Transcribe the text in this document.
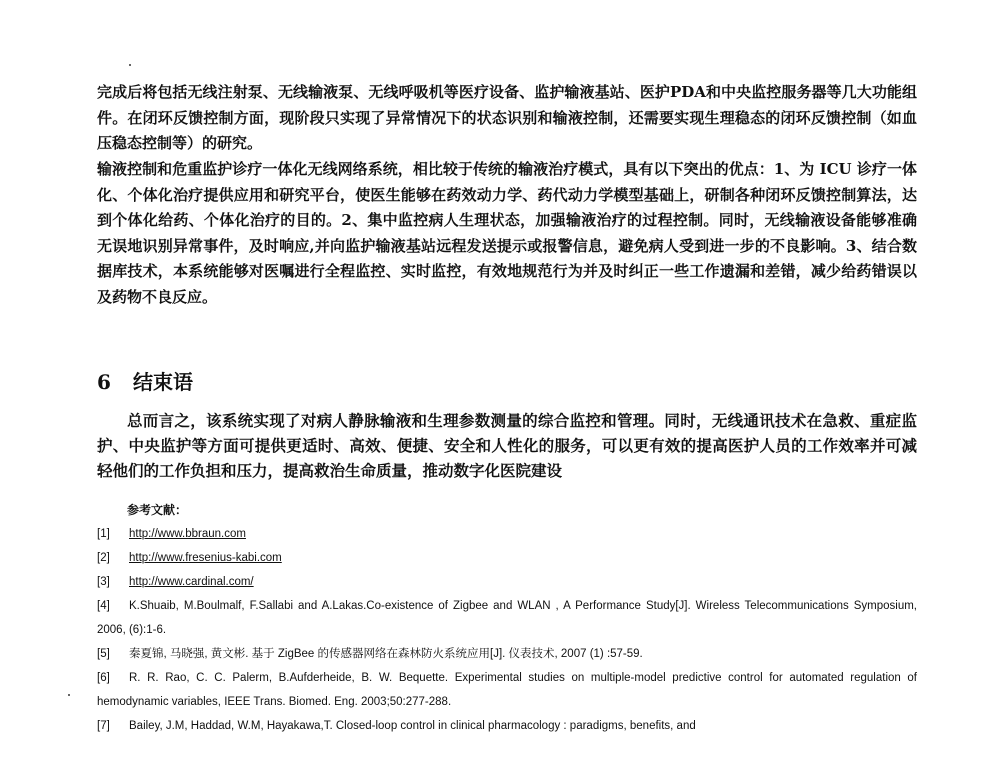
完成后将包括无线注射泵、无线输液泵、无线呼吸机等医疗设备、监护输液基站、医护PDA和中央监控服务器等几大功能组件。在闭环反馈控制方面，现阶段只实现了异常情况下的状态识别和输液控制，还需要实现生理稳态的闭环反馈控制（如血压稳态控制等）的研究。

输液控制和危重监护诊疗一体化无线网络系统，相比较于传统的输液治疗模式，具有以下突出的优点：1、为 ICU 诊疗一体化、个体化治疗提供应用和研究平台，使医生能够在药效动力学、药代动力学模型基础上，研制各种闭环反馈控制算法，达到个体化给药、个体化治疗的目的。2、集中监控病人生理状态，加强输液治疗的过程控制。同时，无线输液设备能够准确无误地识别异常事件，及时响应,并向监护输液基站远程发送提示或报警信息，避免病人受到进一步的不良影响。3、结合数据库技术，本系统能够对医嘱进行全程监控、实时监控，有效地规范行为并及时纠正一些工作遗漏和差错，减少给药错误以及药物不良反应。

6 结束语

总而言之，该系统实现了对病人静脉输液和生理参数测量的综合监控和管理。同时，无线通讯技术在急救、重症监护、中央监护等方面可提供更适时、高效、便捷、安全和人性化的服务，可以更有效的提高医护人员的工作效率并可减轻他们的工作负担和压力，提高救治生命质量，推动数字化医院建设

参考文献：

[1] http://www.bbraun.com
[2] http://www.fresenius-kabi.com
[3] http://www.cardinal.com/
[4] K.Shuaib, M.Boulmalf, F.Sallabi and A.Lakas.Co-existence of Zigbee and WLAN , A Performance Study[J]. Wireless Telecommunications Symposium, 2006, (6):1-6.
[5] 秦夏锦, 马晓强, 黄文彬. 基于 ZigBee 的传感器网络在森林防火系统应用[J]. 仪表技术, 2007 (1) :57-59.
[6] R. R. Rao, C. C. Palerm, B.Aufderheide, B. W. Bequette. Experimental studies on multiple-model predictive control for automated regulation of hemodynamic variables, IEEE Trans. Biomed. Eng. 2003;50:277-288.
[7] Bailey, J.M, Haddad, W.M, Hayakawa,T. Closed-loop control in clinical pharmacology : paradigms, benefits, and
